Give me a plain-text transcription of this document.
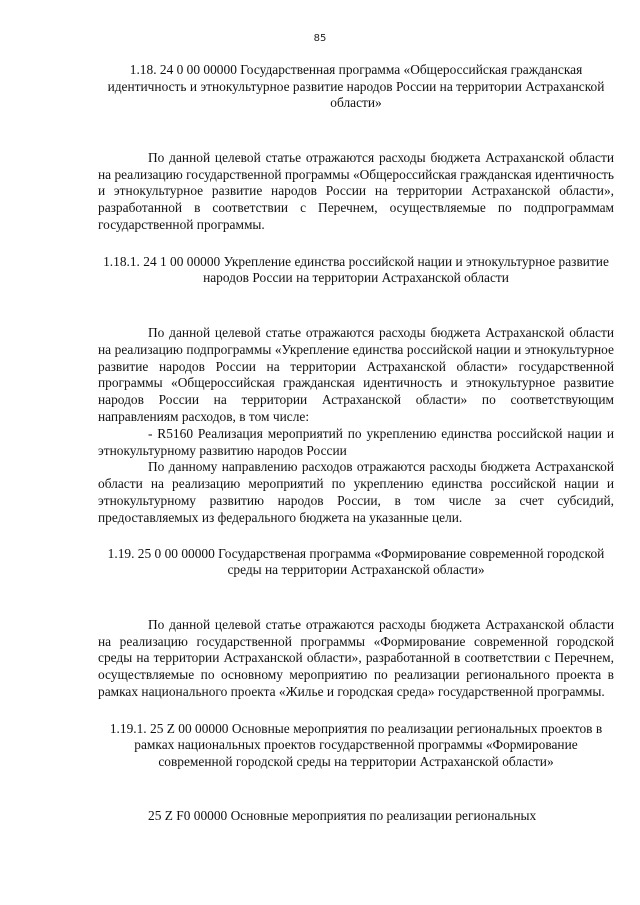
85

1.18. 24 0 00 00000 Государственная программа «Общероссийская гражданская идентичность и этнокультурное развитие народов России на территории Астраханской области»

По данной целевой статье отражаются расходы бюджета Астраханской области на реализацию государственной программы «Общероссийская гражданская идентичность и этнокультурное развитие народов России на территории Астраханской области», разработанной в соответствии с Перечнем, осуществляемые по подпрограммам государственной программы.

1.18.1. 24 1 00 00000 Укрепление единства российской нации и этнокультурное развитие народов России на территории Астраханской области

По данной целевой статье отражаются расходы бюджета Астраханской области на реализацию подпрограммы «Укрепление единства российской нации и этнокультурное развитие народов России на территории Астраханской области» государственной программы «Общероссийская гражданская идентичность и этнокультурное развитие народов России на территории Астраханской области» по соответствующим направлениям расходов, в том числе:

- R5160 Реализация мероприятий по укреплению единства российской нации и этнокультурному развитию народов России

По данному направлению расходов отражаются расходы бюджета Астраханской области на реализацию мероприятий по укреплению единства российской нации и этнокультурному развитию народов России, в том числе за счет субсидий, предоставляемых из федерального бюджета на указанные цели.

1.19. 25 0 00 00000 Государственая программа «Формирование современной городской среды на территории Астраханской области»

По данной целевой статье отражаются расходы бюджета Астраханской области на реализацию государственной программы «Формирование современной городской среды на территории Астраханской области», разработанной в соответствии с Перечнем, осуществляемые по основному мероприятию по реализации регионального проекта в рамках национального проекта «Жилье и городская среда» государственной программы.

1.19.1. 25 Z 00 00000 Основные мероприятия по реализации региональных проектов в рамках национальных проектов государственной программы «Формирование современной городской среды на территории Астраханской области»

25 Z F0 00000 Основные мероприятия по реализации региональных
